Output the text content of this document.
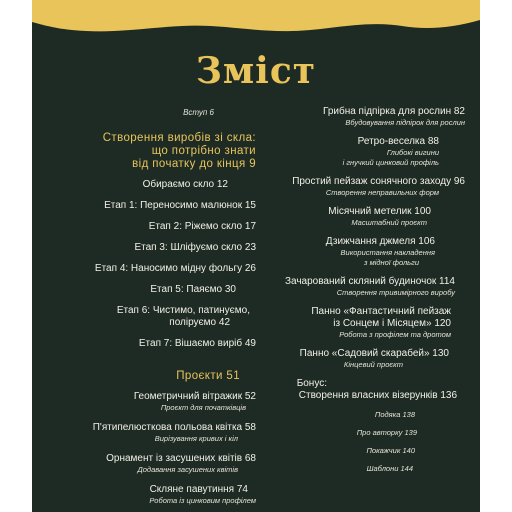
Зміст
Вступ 6
Створення виробів зі скла:
що потрібно знати
від початку до кінця 9
Обираємо скло 12
Етап 1: Переносимо малюнок 15
Етап 2: Ріжемо скло 17
Етап 3: Шліфуємо скло 23
Етап 4: Наносимо мідну фольгу 26
Етап 5: Паяємо 30
Етап 6: Чистимо, патинуємо,
поліруємо 42
Етап 7: Вішаємо виріб 49
Проєкти 51
Геометричний вітражик 52
Проєкт для початківців
П'ятипелюсткова польова квітка 58
Вирізування кривих і кіл
Орнамент із засушених квітів 68
Додавання засушених квітів
Скляне павутиння 74
Робота із цинковим профілем
Грибна підпірка для рослин 82
Вбудовування підпірок для рослин
Ретро-веселка 88
Глибокі вигини
і гнучкий цинковий профіль
Простий пейзаж сонячного заходу 96
Створення неправильних форм
Місячний метелик 100
Масштабний проєкт
Дзижчання джмеля 106
Використання накладення
з мідної фольги
Зачарований скляний будиночок 114
Створення тривимірного виробу
Панно «Фантастичний пейзаж
із Сонцем і Місяцем» 120
Робота з профілем та дротом
Панно «Садовий скарабей» 130
Кінцевий проєкт
Бонус:
Створення власних візерунків 136
Подяка 138
Про авторку 139
Покажчик 140
Шаблони 144
